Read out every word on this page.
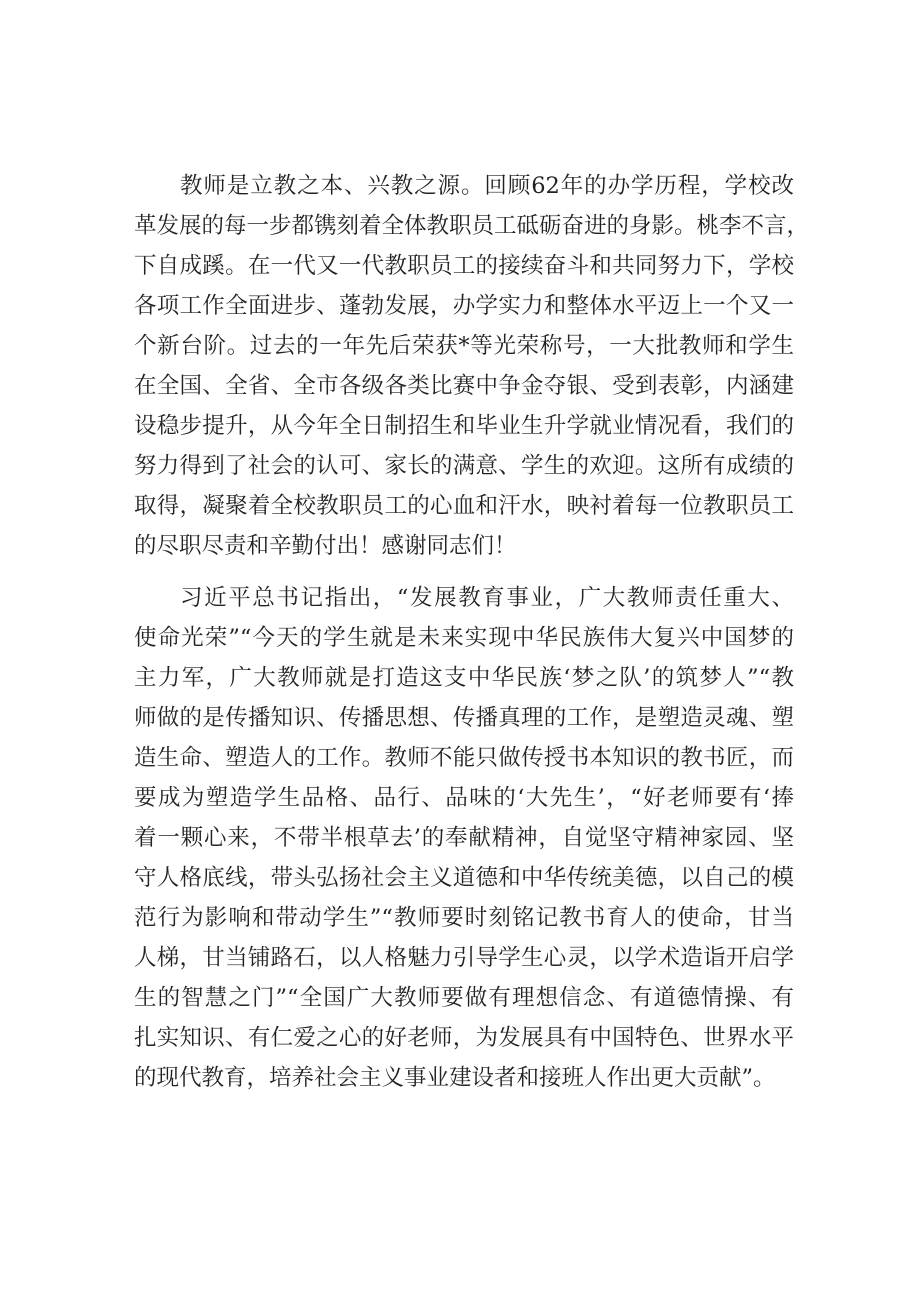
教师是立教之本、兴教之源。回顾62年的办学历程，学校改
革发展的每一步都镌刻着全体教职员工砥砺奋进的身影。桃李不言，
下自成蹊。在一代又一代教职员工的接续奋斗和共同努力下，学校
各项工作全面进步、蓬勃发展，办学实力和整体水平迈上一个又一
个新台阶。过去的一年先后荣获*等光荣称号，一大批教师和学生
在全国、全省、全市各级各类比赛中争金夺银、受到表彰，内涵建
设稳步提升，从今年全日制招生和毕业生升学就业情况看，我们的
努力得到了社会的认可、家长的满意、学生的欢迎。这所有成绩的
取得，凝聚着全校教职员工的心血和汗水，映衬着每一位教职员工
的尽职尽责和辛勤付出！感谢同志们！
习近平总书记指出，“发展教育事业，广大教师责任重大、
使命光荣”“今天的学生就是未来实现中华民族伟大复兴中国梦的
主力军，广大教师就是打造这支中华民族‘梦之队’的筑梦人”“教
师做的是传播知识、传播思想、传播真理的工作，是塑造灵魂、塑
造生命、塑造人的工作。教师不能只做传授书本知识的教书匠，而
要成为塑造学生品格、品行、品味的‘大先生’，“好老师要有‘捧
着一颗心来，不带半根草去’的奉献精神，自觉坚守精神家园、坚
守人格底线，带头弘扬社会主义道德和中华传统美德，以自己的模
范行为影响和带动学生”“教师要时刻铭记教书育人的使命，甘当
人梯，甘当铺路石，以人格魅力引导学生心灵，以学术造诣开启学
生的智慧之门”“全国广大教师要做有理想信念、有道德情操、有
扎实知识、有仁爱之心的好老师，为发展具有中国特色、世界水平
的现代教育，培养社会主义事业建设者和接班人作出更大贡献”。
